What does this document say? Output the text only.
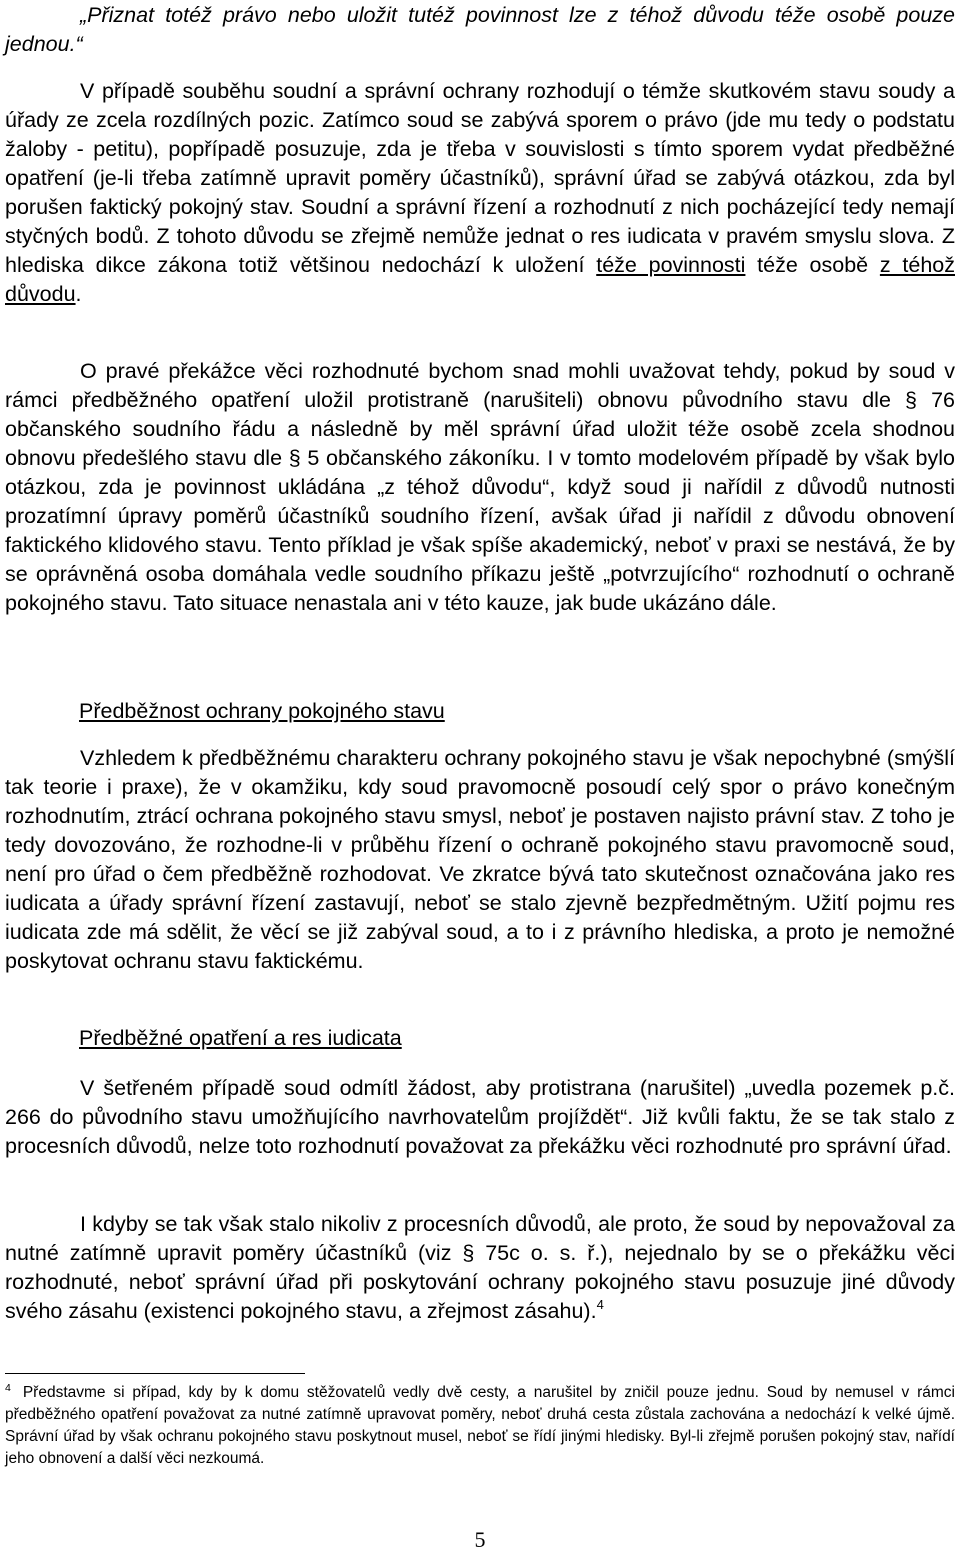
„Přiznat totéž právo nebo uložit tutéž povinnost lze z téhož důvodu téže osobě pouze jednou.“

V případě souběhu soudní a správní ochrany rozhodují o témže skutkovém stavu soudy a úřady ze zcela rozdílných pozic. Zatímco soud se zabývá sporem o právo (jde mu tedy o podstatu žaloby - petitu), popřípadě posuzuje, zda je třeba v souvislosti s tímto sporem vydat předběžné opatření (je-li třeba zatímně upravit poměry účastníků), správní úřad se zabývá otázkou, zda byl porušen faktický pokojný stav. Soudní a správní řízení a rozhodnutí z nich pocházející tedy nemají styčných bodů. Z tohoto důvodu se zřejmě nemůže jednat o res iudicata v pravém smyslu slova. Z hlediska dikce zákona totiž většinou nedochází k uložení téže povinnosti téže osobě z téhož důvodu.

O pravé překážce věci rozhodnuté bychom snad mohli uvažovat tehdy, pokud by soud v rámci předběžného opatření uložil protistraně (narušiteli) obnovu původního stavu dle § 76 občanského soudního řádu a následně by měl správní úřad uložit téže osobě zcela shodnou obnovu předešlého stavu dle § 5 občanského zákoníku. I v tomto modelovém případě by však bylo otázkou, zda je povinnost ukládána „z téhož důvodu“, když soud ji nařídil z důvodů nutnosti prozatímní úpravy poměrů účastníků soudního řízení, avšak úřad ji nařídil z důvodu obnovení faktického klidového stavu. Tento příklad je však spíše akademický, neboť v praxi se nestává, že by se oprávněná osoba domáhala vedle soudního příkazu ještě „potvrzujícího“ rozhodnutí o ochraně pokojného stavu. Tato situace nenastala ani v této kauze, jak bude ukázáno dále.

Předběžnost ochrany pokojného stavu

Vzhledem k předběžnému charakteru ochrany pokojného stavu je však nepochybné (smýšlí tak teorie i praxe), že v okamžiku, kdy soud pravomocně posoudí celý spor o právo konečným rozhodnutím, ztrácí ochrana pokojného stavu smysl, neboť je postaven najisto právní stav. Z toho je tedy dovozováno, že rozhodne-li v průběhu řízení o ochraně pokojného stavu pravomocně soud, není pro úřad o čem předběžně rozhodovat. Ve zkratce bývá tato skutečnost označována jako res iudicata a úřady správní řízení zastavují, neboť se stalo zjevně bezpředmětným. Užití pojmu res iudicata zde má sdělit, že věcí se již zabýval soud, a to i z právního hlediska, a proto je nemožné poskytovat ochranu stavu faktickému.

Předběžné opatření a res iudicata

V šetřeném případě soud odmítl žádost, aby protistrana (narušitel) „uvedla pozemek p.č. 266 do původního stavu umožňujícího navrhovatelům projíždět“. Již kvůli faktu, že se tak stalo z procesních důvodů, nelze toto rozhodnutí považovat za překážku věci rozhodnuté pro správní úřad.

I kdyby se tak však stalo nikoliv z procesních důvodů, ale proto, že soud by nepovažoval za nutné zatímně upravit poměry účastníků (viz § 75c o. s. ř.), nejednalo by se o překážku věci rozhodnuté, neboť správní úřad při poskytování ochrany pokojného stavu posuzuje jiné důvody svého zásahu (existenci pokojného stavu, a zřejmost zásahu).$^4$

$^4$ Představme si případ, kdy by k domu stěžovatelů vedly dvě cesty, a narušitel by zničil pouze jednu. Soud by nemusel v rámci předběžného opatření považovat za nutné zatímně upravovat poměry, neboť druhá cesta zůstala zachována a nedochází k velké újmě. Správní úřad by však ochranu pokojného stavu poskytnout musel, neboť se řídí jinými hledisky. Byl-li zřejmě porušen pokojný stav, nařídí jeho obnovení a další věci nezkoumá.

5
